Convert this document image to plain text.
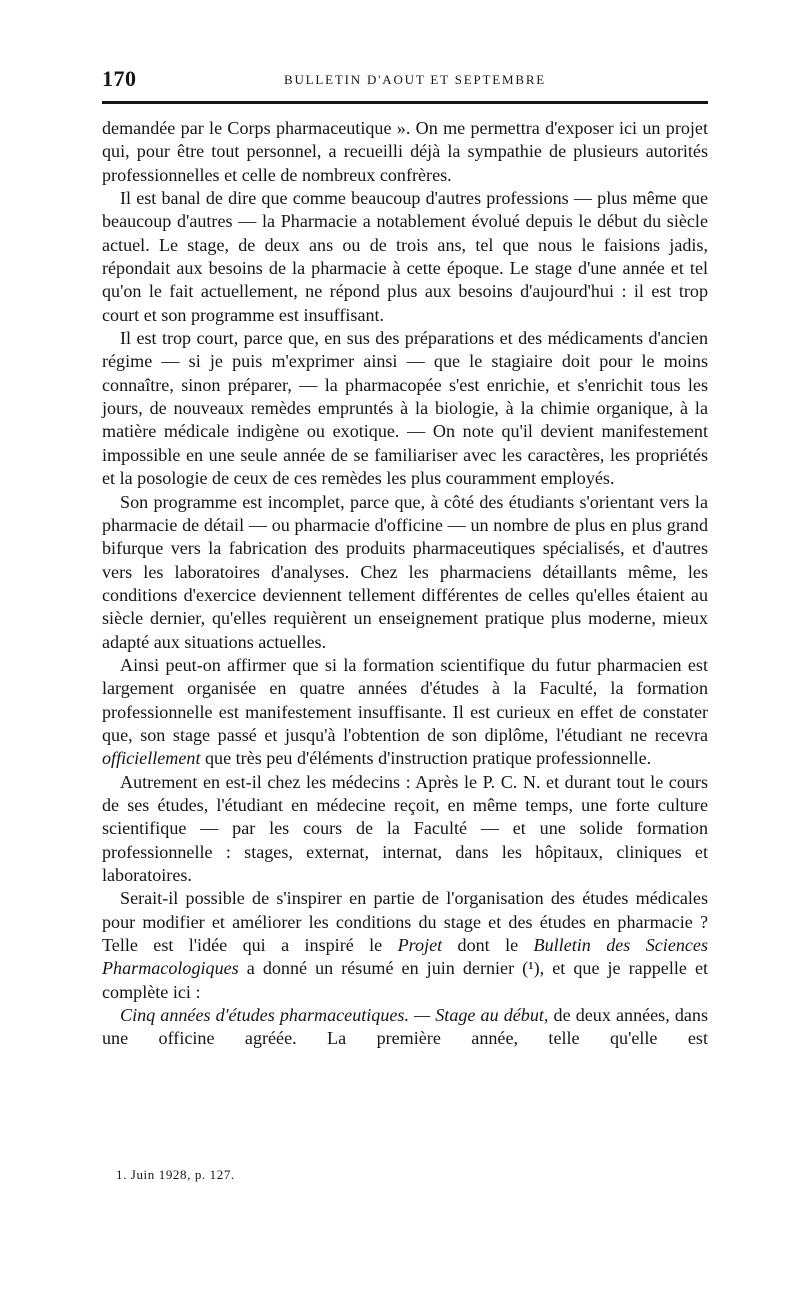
170	BULLETIN D'AOUT ET SEPTEMBRE

demandée par le Corps pharmaceutique ». On me permettra d'exposer ici un projet qui, pour être tout personnel, a recueilli déjà la sympathie de plusieurs autorités professionnelles et celle de nombreux confrères.

Il est banal de dire que comme beaucoup d'autres professions — plus même que beaucoup d'autres — la Pharmacie a notablement évolué depuis le début du siècle actuel. Le stage, de deux ans ou de trois ans, tel que nous le faisions jadis, répondait aux besoins de la pharmacie à cette époque. Le stage d'une année et tel qu'on le fait actuellement, ne répond plus aux besoins d'aujourd'hui : il est trop court et son programme est insuffisant.

Il est trop court, parce que, en sus des préparations et des médicaments d'ancien régime — si je puis m'exprimer ainsi — que le stagiaire doit pour le moins connaître, sinon préparer, — la pharmacopée s'est enrichie, et s'enrichit tous les jours, de nouveaux remèdes empruntés à la biologie, à la chimie organique, à la matière médicale indigène ou exotique. — On note qu'il devient manifestement impossible en une seule année de se familiariser avec les caractères, les propriétés et la posologie de ceux de ces remèdes les plus couramment employés.

Son programme est incomplet, parce que, à côté des étudiants s'orientant vers la pharmacie de détail — ou pharmacie d'officine — un nombre de plus en plus grand bifurque vers la fabrication des produits pharmaceutiques spécialisés, et d'autres vers les laboratoires d'analyses. Chez les pharmaciens détaillants même, les conditions d'exercice deviennent tellement différentes de celles qu'elles étaient au siècle dernier, qu'elles requièrent un enseignement pratique plus moderne, mieux adapté aux situations actuelles.

Ainsi peut-on affirmer que si la formation scientifique du futur pharmacien est largement organisée en quatre années d'études à la Faculté, la formation professionnelle est manifestement insuffisante. Il est curieux en effet de constater que, son stage passé et jusqu'à l'obtention de son diplôme, l'étudiant ne recevra officiellement que très peu d'éléments d'instruction pratique professionnelle.

Autrement en est-il chez les médecins : Après le P. C. N. et durant tout le cours de ses études, l'étudiant en médecine reçoit, en même temps, une forte culture scientifique — par les cours de la Faculté — et une solide formation professionnelle : stages, externat, internat, dans les hôpitaux, cliniques et laboratoires.

Serait-il possible de s'inspirer en partie de l'organisation des études médicales pour modifier et améliorer les conditions du stage et des études en pharmacie ? Telle est l'idée qui a inspiré le Projet dont le Bulletin des Sciences Pharmacologiques a donné un résumé en juin dernier (¹), et que je rappelle et complète ici :

Cinq années d'études pharmaceutiques. — Stage au début, de deux années, dans une officine agréée. La première année, telle qu'elle est

1. Juin 1928, p. 127.
